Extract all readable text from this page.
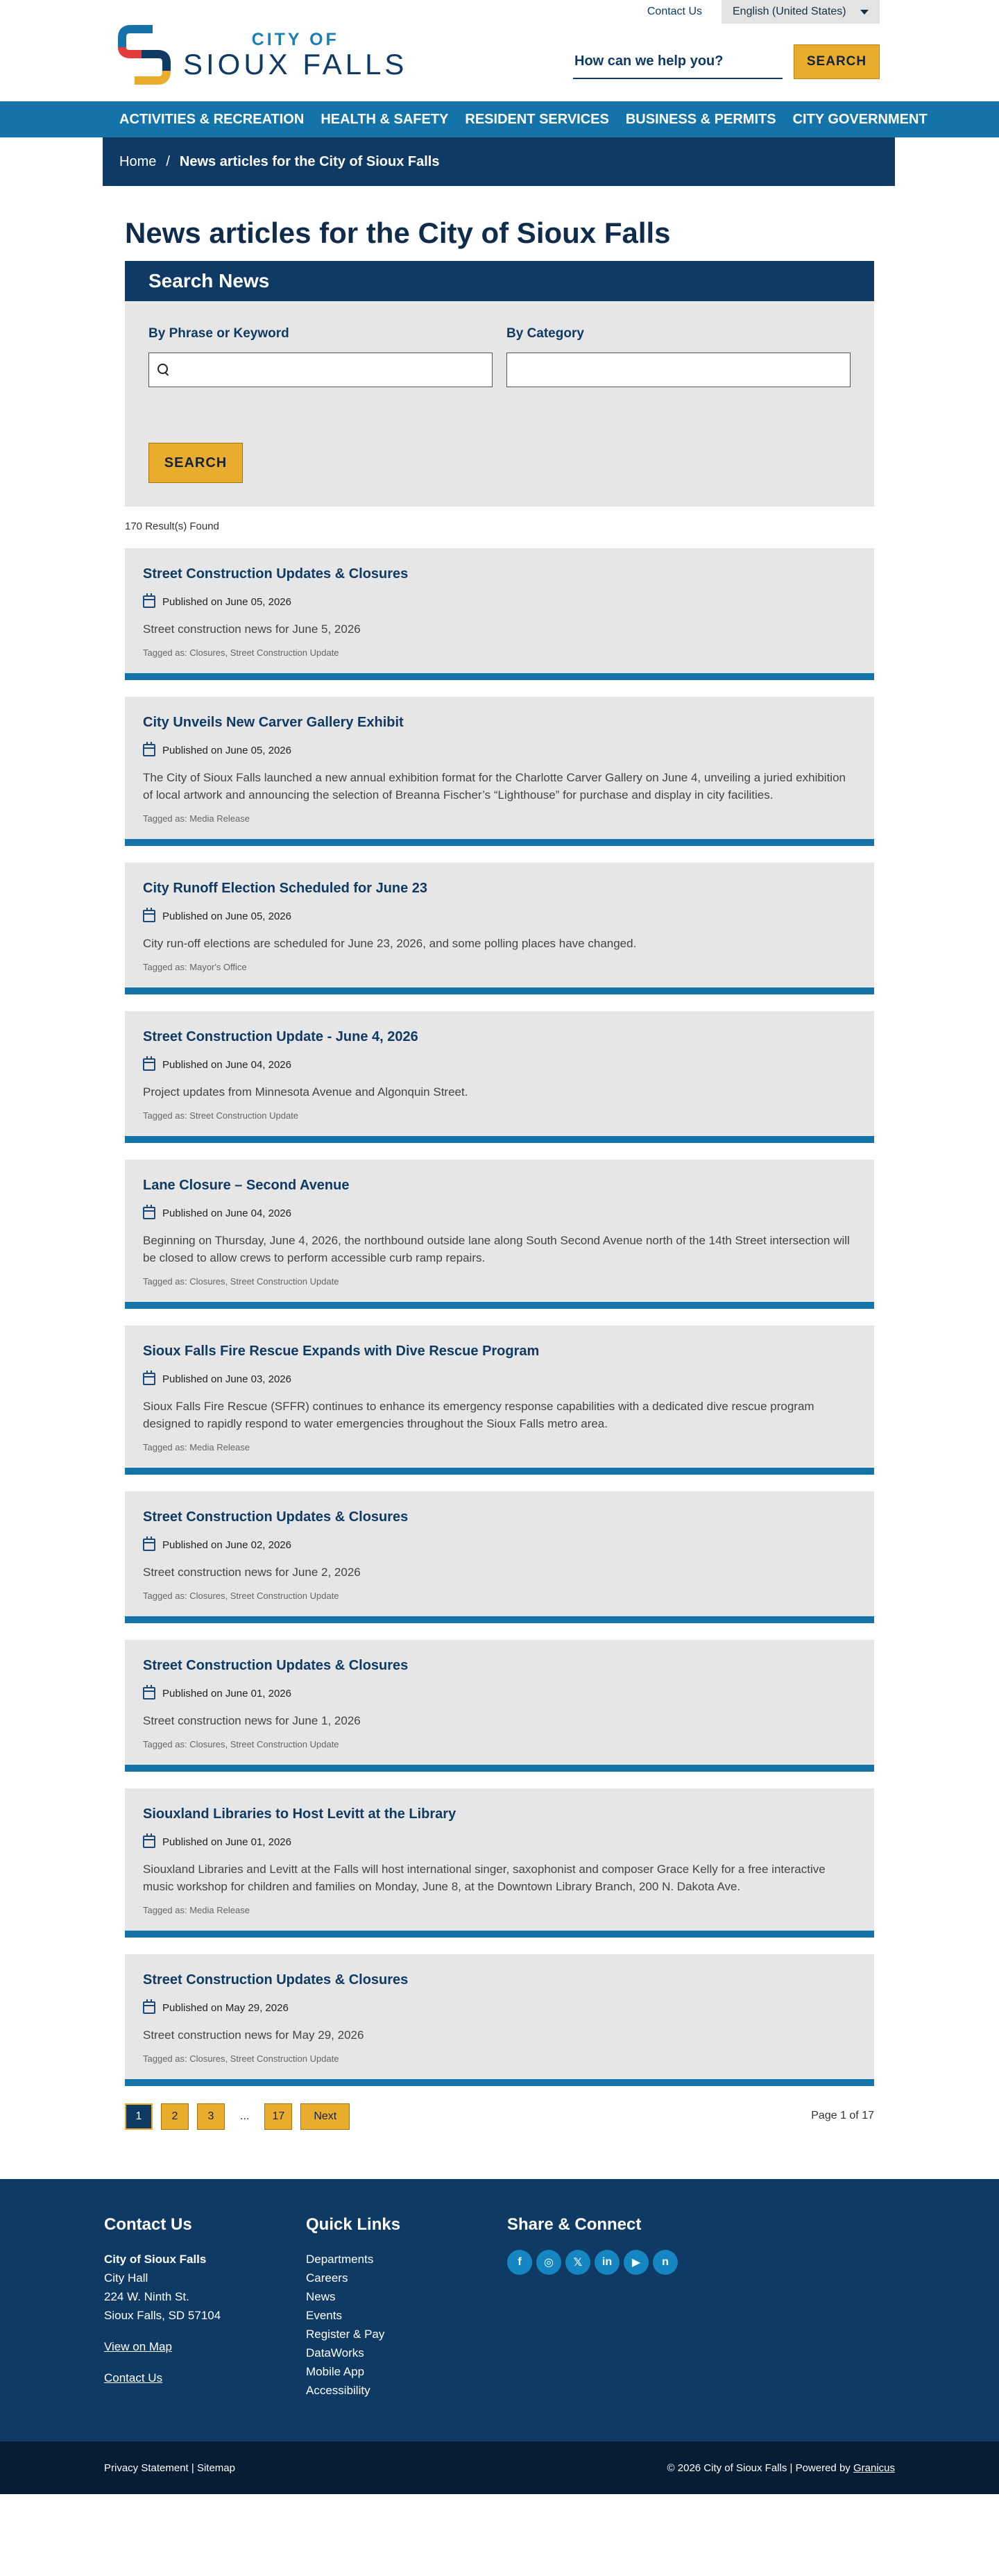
Contact Us	English (United States)
CITY OF
SIOUX FALLS
How can we help you?	SEARCH
ACTIVITIES & RECREATION HEALTH & SAFETY RESIDENT SERVICES BUSINESS & PERMITS CITY GOVERNMENT
Home / News articles for the City of Sioux Falls
News articles for the City of Sioux Falls
Search News
By Phrase or Keyword	By Category
SEARCH
170 Result(s) Found
Street Construction Updates & Closures
Published on June 05, 2026

Street construction news for June 5, 2026

Tagged as: Closures, Street Construction Update
City Unveils New Carver Gallery Exhibit
Published on June 05, 2026

The City of Sioux Falls launched a new annual exhibition format for the Charlotte Carver Gallery on June 4, unveiling a juried exhibition of local artwork and announcing the selection of Breanna Fischer’s “Lighthouse” for purchase and display in city facilities.

Tagged as: Media Release
City Runoff Election Scheduled for June 23
Published on June 05, 2026

City run-off elections are scheduled for June 23, 2026, and some polling places have changed.

Tagged as: Mayor's Office
Street Construction Update - June 4, 2026
Published on June 04, 2026

Project updates from Minnesota Avenue and Algonquin Street.

Tagged as: Street Construction Update
Lane Closure – Second Avenue
Published on June 04, 2026

Beginning on Thursday, June 4, 2026, the northbound outside lane along South Second Avenue north of the 14th Street intersection will be closed to allow crews to perform accessible curb ramp repairs.

Tagged as: Closures, Street Construction Update
Sioux Falls Fire Rescue Expands with Dive Rescue Program
Published on June 03, 2026

Sioux Falls Fire Rescue (SFFR) continues to enhance its emergency response capabilities with a dedicated dive rescue program designed to rapidly respond to water emergencies throughout the Sioux Falls metro area.

Tagged as: Media Release
Street Construction Updates & Closures
Published on June 02, 2026

Street construction news for June 2, 2026

Tagged as: Closures, Street Construction Update
Street Construction Updates & Closures
Published on June 01, 2026

Street construction news for June 1, 2026

Tagged as: Closures, Street Construction Update
Siouxland Libraries to Host Levitt at the Library
Published on June 01, 2026

Siouxland Libraries and Levitt at the Falls will host international singer, saxophonist and composer Grace Kelly for a free interactive music workshop for children and families on Monday, June 8, at the Downtown Library Branch, 200 N. Dakota Ave.

Tagged as: Media Release
Street Construction Updates & Closures
Published on May 29, 2026

Street construction news for May 29, 2026

Tagged as: Closures, Street Construction Update
1	2	3	...	17	Next	Page 1 of 17
Contact Us
City of Sioux Falls
City Hall
224 W. Ninth St.
Sioux Falls, SD 57104
View on Map
Contact Us
Quick Links
Departments
Careers
News
Events
Register & Pay
DataWorks
Mobile App
Accessibility
Share & Connect
f	◎	𝕏	in	▶	n
Privacy Statement | Sitemap	© 2026 City of Sioux Falls | Powered by Granicus
